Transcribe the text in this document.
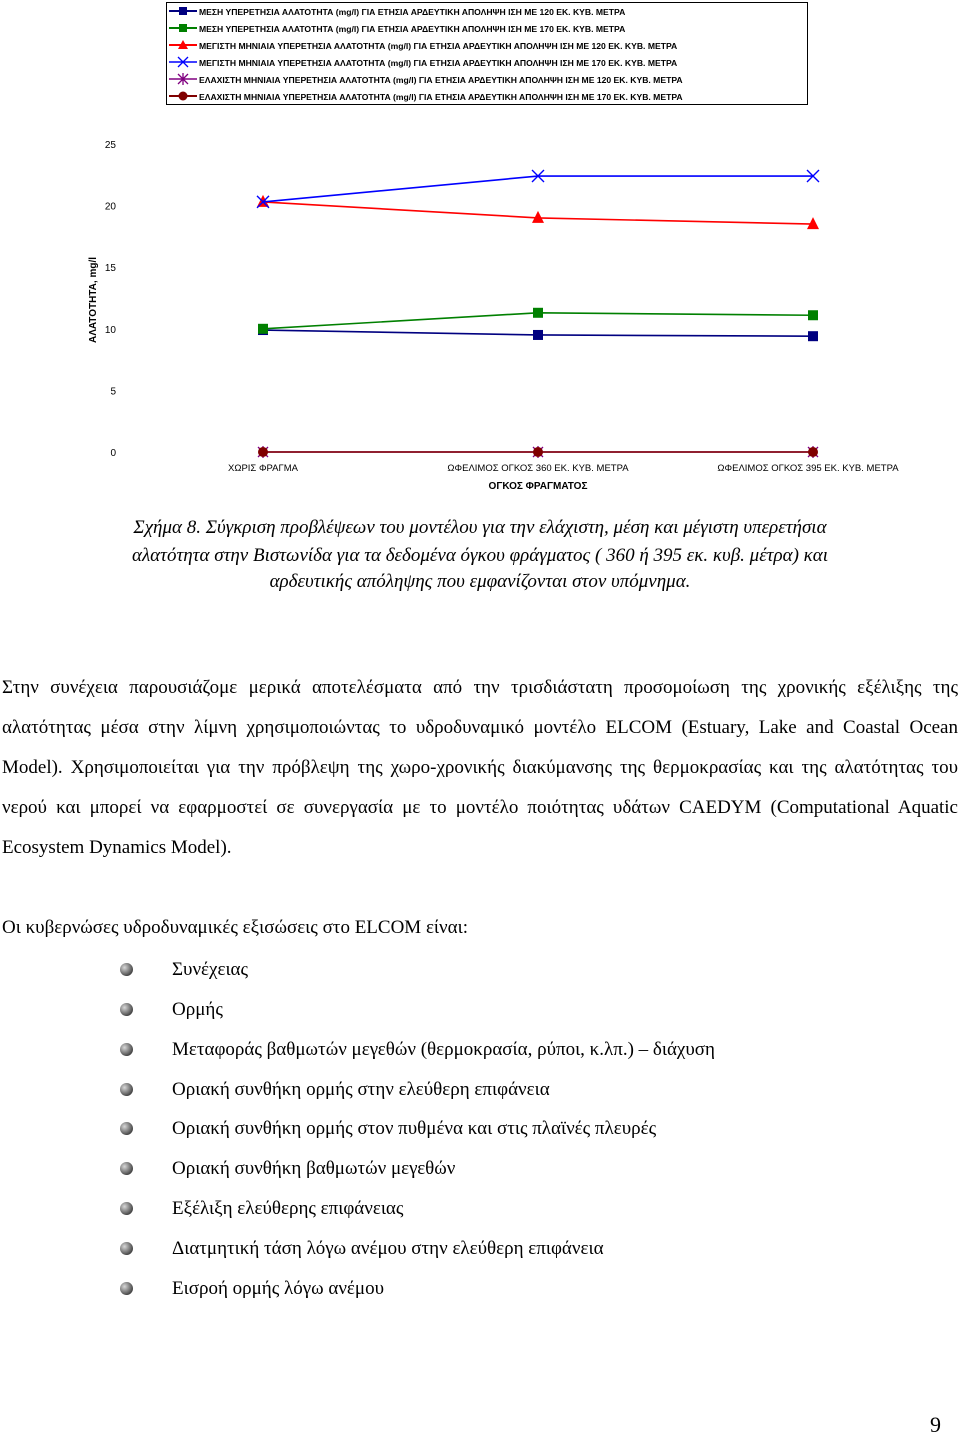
ΜΕΣΗ ΥΠΕΡΕΤΗΣΙΑ ΑΛΑΤΟΤΗΤΑ (mg/l) ΓΙΑ ΕΤΗΣΙΑ ΑΡΔΕΥΤΙΚΗ ΑΠΟΛΗΨΗ ΙΣΗ ΜΕ 120 ΕΚ. ΚΥΒ. ΜΕΤΡΑ
ΜΕΣΗ ΥΠΕΡΕΤΗΣΙΑ ΑΛΑΤΟΤΗΤΑ (mg/l) ΓΙΑ ΕΤΗΣΙΑ ΑΡΔΕΥΤΙΚΗ ΑΠΟΛΗΨΗ ΙΣΗ ΜΕ 170 ΕΚ. ΚΥΒ. ΜΕΤΡΑ
ΜΕΓΙΣΤΗ ΜΗΝΙΑΙΑ ΥΠΕΡΕΤΗΣΙΑ ΑΛΑΤΟΤΗΤΑ (mg/l) ΓΙΑ ΕΤΗΣΙΑ ΑΡΔΕΥΤΙΚΗ ΑΠΟΛΗΨΗ ΙΣΗ ΜΕ 120 ΕΚ. ΚΥΒ. ΜΕΤΡΑ
ΜΕΓΙΣΤΗ ΜΗΝΙΑΙΑ ΥΠΕΡΕΤΗΣΙΑ ΑΛΑΤΟΤΗΤΑ (mg/l) ΓΙΑ ΕΤΗΣΙΑ ΑΡΔΕΥΤΙΚΗ ΑΠΟΛΗΨΗ ΙΣΗ ΜΕ 170 ΕΚ. ΚΥΒ. ΜΕΤΡΑ
ΕΛΑΧΙΣΤΗ ΜΗΝΙΑΙΑ ΥΠΕΡΕΤΗΣΙΑ ΑΛΑΤΟΤΗΤΑ (mg/l) ΓΙΑ ΕΤΗΣΙΑ ΑΡΔΕΥΤΙΚΗ ΑΠΟΛΗΨΗ ΙΣΗ ΜΕ 120 ΕΚ. ΚΥΒ. ΜΕΤΡΑ
ΕΛΑΧΙΣΤΗ ΜΗΝΙΑΙΑ ΥΠΕΡΕΤΗΣΙΑ ΑΛΑΤΟΤΗΤΑ (mg/l) ΓΙΑ ΕΤΗΣΙΑ ΑΡΔΕΥΤΙΚΗ ΑΠΟΛΗΨΗ ΙΣΗ ΜΕ 170 ΕΚ. ΚΥΒ. ΜΕΤΡΑ
0
5
10
15
20
25
ΧΩΡΙΣ ΦΡΑΓΜΑ	ΩΦΕΛΙΜΟΣ ΟΓΚΟΣ 360 ΕΚ. ΚΥΒ. ΜΕΤΡΑ	ΩΦΕΛΙΜΟΣ ΟΓΚΟΣ 395 ΕΚ. ΚΥΒ. ΜΕΤΡΑ
ΑΛΑΤΟΤΗΤΑ, mg/l
ΟΓΚΟΣ ΦΡΑΓΜΑΤΟΣ
Σχήμα 8. Σύγκριση προβλέψεων του μοντέλου για την ελάχιστη, μέση και μέγιστη υπερετήσια
αλατότητα στην Βιστωνίδα για τα δεδομένα όγκου φράγματος ( 360 ή 395 εκ. κυβ. μέτρα) και
αρδευτικής απόληψης που εμφανίζονται στον υπόμνημα.
Στην συνέχεια παρουσιάζομε μερικά αποτελέσματα από την τρισδιάστατη προσομοίωση της χρονικής εξέλιξης της αλατότητας μέσα στην λίμνη χρησιμοποιώντας το υδροδυναμικό μοντέλο ELCOM (Estuary, Lake and Coastal Ocean Model). Χρησιμοποιείται για την πρόβλεψη της χωρο-χρονικής διακύμανσης της θερμοκρασίας και της αλατότητας του νερού και μπορεί να εφαρμοστεί σε συνεργασία με το μοντέλο ποιότητας υδάτων CAEDYM (Computational Aquatic Ecosystem Dynamics Model).
Οι κυβερνώσες υδροδυναμικές εξισώσεις στο ELCOM είναι:
Συνέχειας
Ορμής
Μεταφοράς βαθμωτών μεγεθών (θερμοκρασία, ρύποι, κ.λπ.) – διάχυση
Οριακή συνθήκη ορμής στην ελεύθερη επιφάνεια
Οριακή συνθήκη ορμής στον πυθμένα και στις πλαϊνές πλευρές
Οριακή συνθήκη βαθμωτών μεγεθών
Εξέλιξη ελεύθερης επιφάνειας
Διατμητική τάση λόγω ανέμου στην ελεύθερη επιφάνεια
Εισροή ορμής λόγω ανέμου
9
